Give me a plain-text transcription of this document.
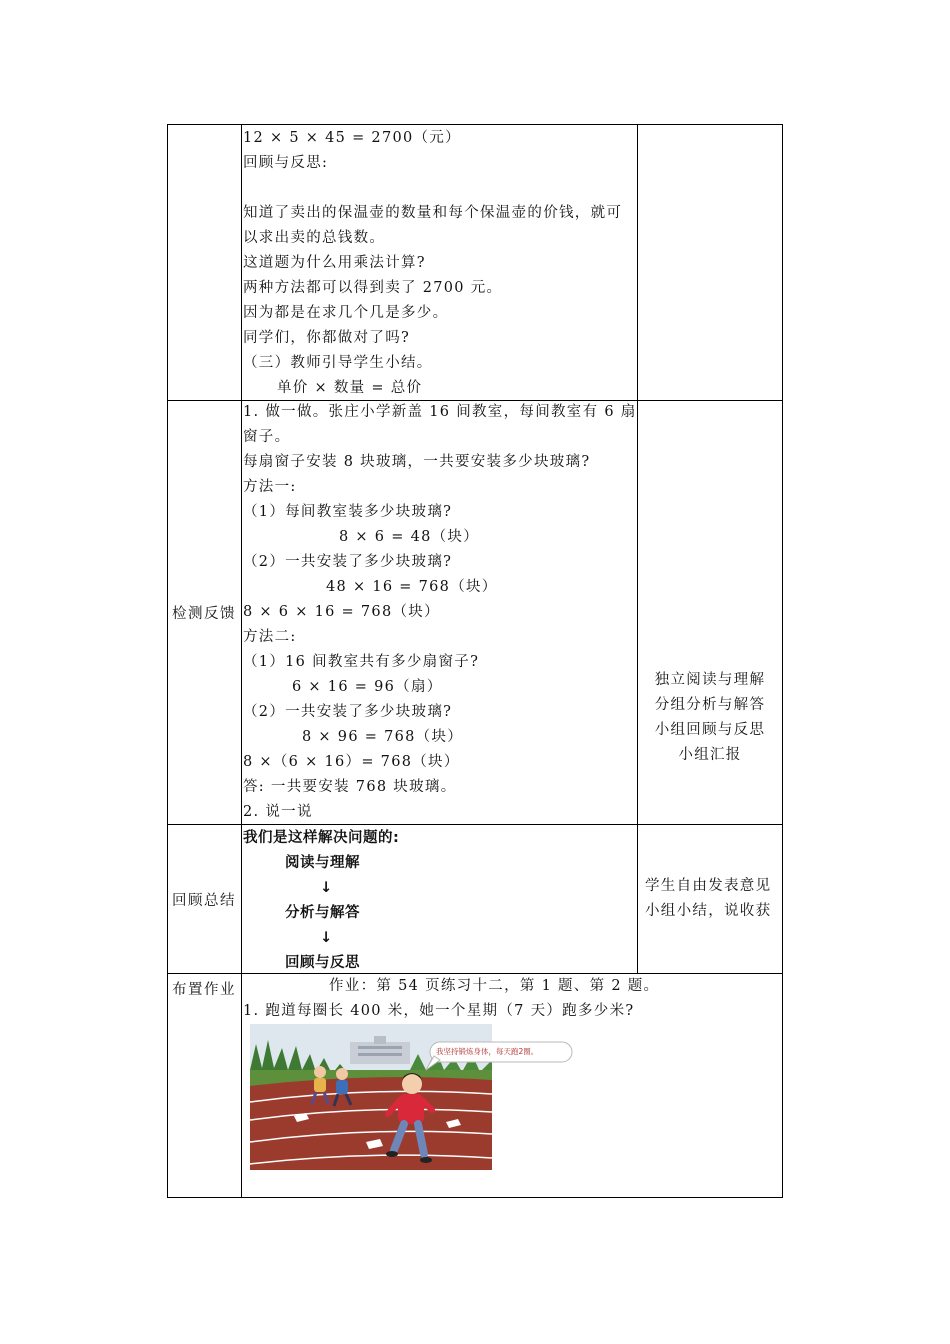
12 × 5 × 45 = 2700（元）
回顾与反思:
知道了卖出的保温壶的数量和每个保温壶的价钱，就可
以求出卖的总钱数。
这道题为什么用乘法计算?
两种方法都可以得到卖了 2700 元。
因为都是在求几个几是多少。
同学们，你都做对了吗?
（三）教师引导学生小结。
单价 × 数量 = 总价
检测反馈
1. 做一做。张庄小学新盖 16 间教室，每间教室有 6 扇
窗子。
每扇窗子安装 8 块玻璃，一共要安装多少块玻璃?
方法一:
（1）每间教室装多少块玻璃?
8 × 6 = 48（块）
（2）一共安装了多少块玻璃?
48 × 16 = 768（块）
8 × 6 × 16 = 768（块）
方法二:
（1）16 间教室共有多少扇窗子?
6 × 16 = 96（扇）
（2）一共安装了多少块玻璃?
8 × 96 = 768（块）
8 ×（6 × 16）= 768（块）
答: 一共要安装 768 块玻璃。
2. 说一说
独立阅读与理解
分组分析与解答
小组回顾与反思
小组汇报
回顾总结
我们是这样解决问题的:
阅读与理解
↓
分析与解答
↓
回顾与反思
学生自由发表意见
小组小结，说收获
布置作业	作业：第 54 页练习十二，第 1 题、第 2 题。
1. 跑道每圈长 400 米，她一个星期（7 天）跑多少米?
我坚持锻炼身体，每天跑2圈。
